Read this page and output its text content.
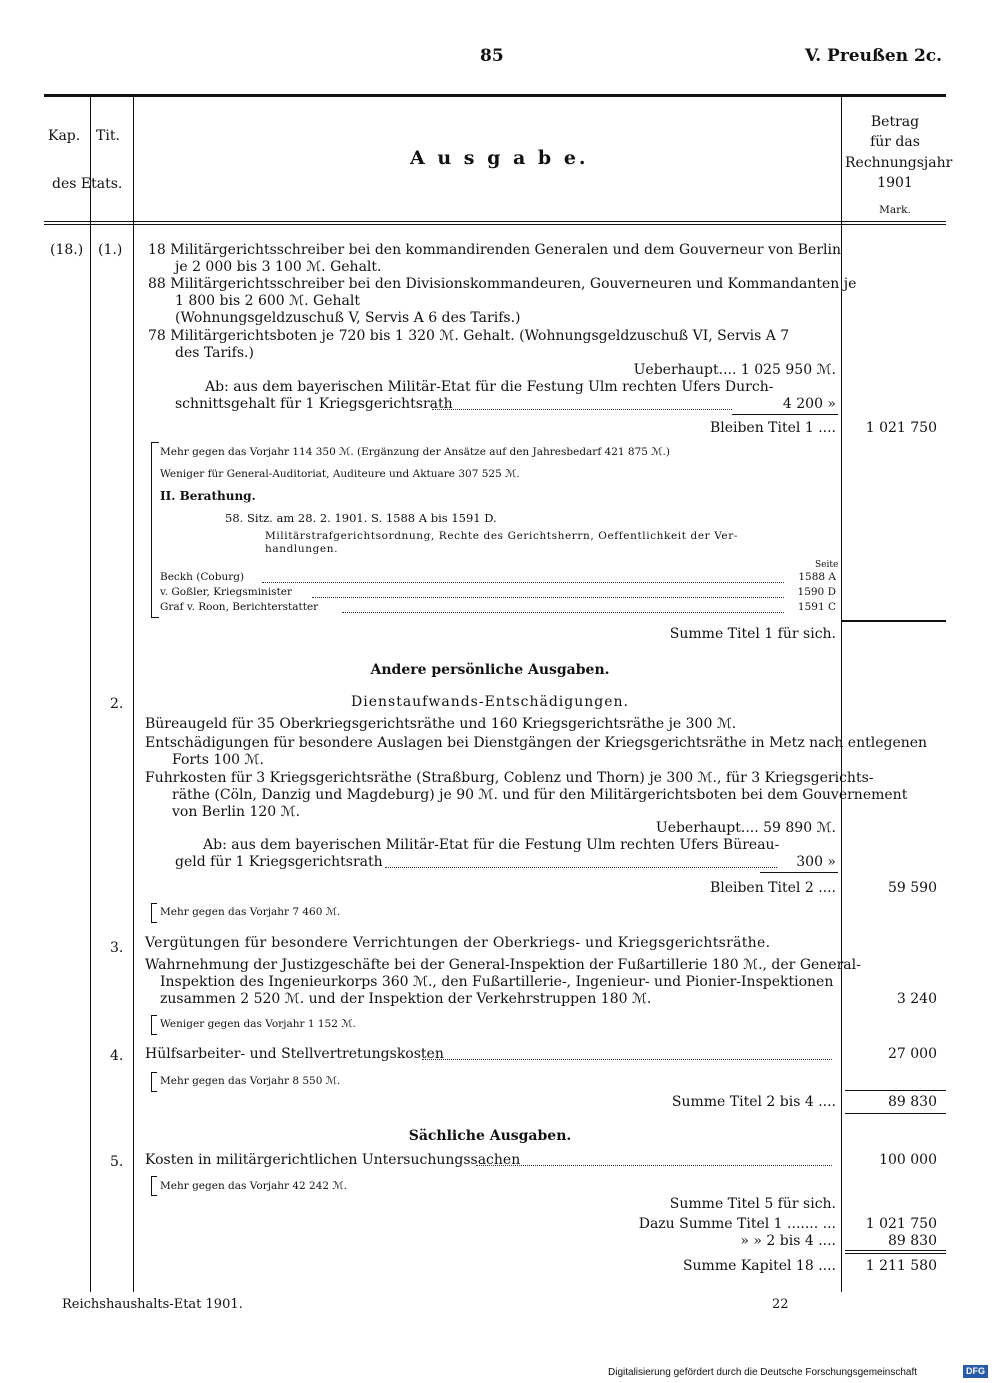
85	V. Preußen 2c.
Kap. Tit.
des Etats.
A u s g a b e.
Betrag
für das
Rechnungsjahr
1901
Mark.
(18.) (1.) 18 Militärgerichtsschreiber bei den kommandirenden Generalen und dem Gouverneur von Berlin
je 2 000 bis 3 100 ℳ. Gehalt.
88 Militärgerichtsschreiber bei den Divisionskommandeuren, Gouverneuren und Kommandanten je
1 800 bis 2 600 ℳ. Gehalt
(Wohnungsgeldzuschuß V, Servis A 6 des Tarifs.)
78 Militärgerichtsboten je 720 bis 1 320 ℳ. Gehalt. (Wohnungsgeldzuschuß VI, Servis A 7
des Tarifs.)
Ueberhaupt.... 1 025 950 ℳ.
Ab: aus dem bayerischen Militär-Etat für die Festung Ulm rechten Ufers Durch-
schnittsgehalt für 1 Kriegsgerichtsrath	4 200 »
Bleiben Titel 1 ....	1 021 750
Mehr gegen das Vorjahr 114 350 ℳ. (Ergänzung der Ansätze auf den Jahresbedarf 421 875 ℳ.)
Weniger für General-Auditoriat, Auditeure und Aktuare 307 525 ℳ.
II. Berathung.
58. Sitz. am 28. 2. 1901. S. 1588 A bis 1591 D.
Militärstrafgerichtsordnung, Rechte des Gerichtsherrn, Oeffentlichkeit der Ver-
handlungen.
Seite
Beckh (Coburg)	1588 A
v. Goßler, Kriegsminister	1590 D
Graf v. Roon, Berichterstatter	1591 C
Summe Titel 1 für sich.
Andere persönliche Ausgaben.
2.	Dienstaufwands-Entschädigungen.
Büreaugeld für 35 Oberkriegsgerichtsräthe und 160 Kriegsgerichtsräthe je 300 ℳ.
Entschädigungen für besondere Auslagen bei Dienstgängen der Kriegsgerichtsräthe in Metz nach entlegenen
Forts 100 ℳ.
Fuhrkosten für 3 Kriegsgerichtsräthe (Straßburg, Coblenz und Thorn) je 300 ℳ., für 3 Kriegsgerichts-
räthe (Cöln, Danzig und Magdeburg) je 90 ℳ. und für den Militärgerichtsboten bei dem Gouvernement
von Berlin 120 ℳ.
Ueberhaupt.... 59 890 ℳ.
Ab: aus dem bayerischen Militär-Etat für die Festung Ulm rechten Ufers Büreau-
geld für 1 Kriegsgerichtsrath	300 »
Bleiben Titel 2 ....	59 590
Mehr gegen das Vorjahr 7 460 ℳ.
3. Vergütungen für besondere Verrichtungen der Oberkriegs- und Kriegsgerichtsräthe.
Wahrnehmung der Justizgeschäfte bei der General-Inspektion der Fußartillerie 180 ℳ., der General-
Inspektion des Ingenieurkorps 360 ℳ., den Fußartillerie-, Ingenieur- und Pionier-Inspektionen
zusammen 2 520 ℳ. und der Inspektion der Verkehrstruppen 180 ℳ.	3 240
Weniger gegen das Vorjahr 1 152 ℳ.
4. Hülfsarbeiter- und Stellvertretungskosten	27 000
Mehr gegen das Vorjahr 8 550 ℳ.
Summe Titel 2 bis 4 ....	89 830
Sächliche Ausgaben.
5. Kosten in militärgerichtlichen Untersuchungssachen	100 000
Mehr gegen das Vorjahr 42 242 ℳ.
Summe Titel 5 für sich.
Dazu Summe Titel 1 ....... ...	1 021 750
» » 2 bis 4 ....	89 830
Summe Kapitel 18 ....	1 211 580
Reichshaushalts-Etat 1901.	22
Digitalisierung gefördert durch die Deutsche Forschungsgemeinschaft	DFG
